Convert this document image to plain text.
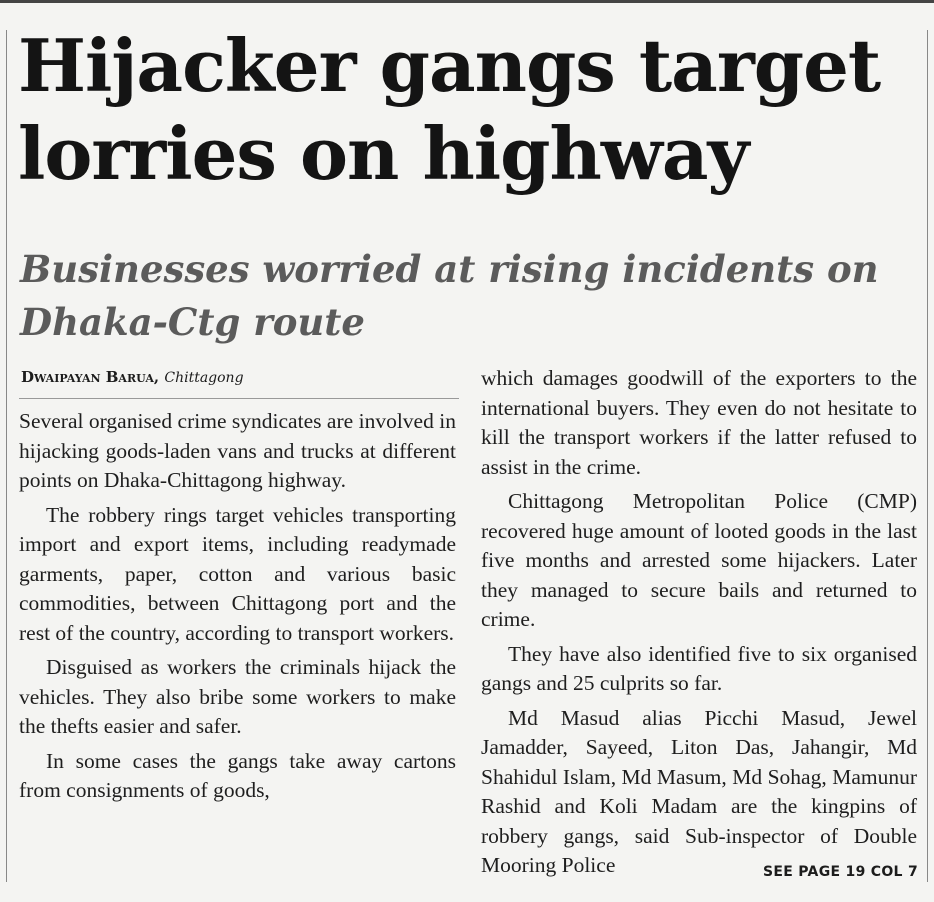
Hijacker gangs target lorries on highway
Businesses worried at rising incidents on Dhaka-Ctg route
Dwaipayan Barua, Chittagong

Several organised crime syndicates are involved in hijacking goods-laden vans and trucks at different points on Dhaka-Chittagong highway.

The robbery rings target vehicles transporting import and export items, including readymade garments, paper, cotton and various basic commodities, between Chittagong port and the rest of the country, according to transport workers.

Disguised as workers the criminals hijack the vehicles. They also bribe some workers to make the thefts easier and safer.

In some cases the gangs take away cartons from consignments of goods,

which damages goodwill of the exporters to the international buyers. They even do not hesitate to kill the transport workers if the latter refused to assist in the crime.

Chittagong Metropolitan Police (CMP) recovered huge amount of looted goods in the last five months and arrested some hijackers. Later they managed to secure bails and returned to crime.

They have also identified five to six organised gangs and 25 culprits so far.

Md Masud alias Picchi Masud, Jewel Jamadder, Sayeed, Liton Das, Jahangir, Md Shahidul Islam, Md Masum, Md Sohag, Mamunur Rashid and Koli Madam are the kingpins of robbery gangs, said Sub-inspector of Double Mooring Police	SEE PAGE 19 COL 7
